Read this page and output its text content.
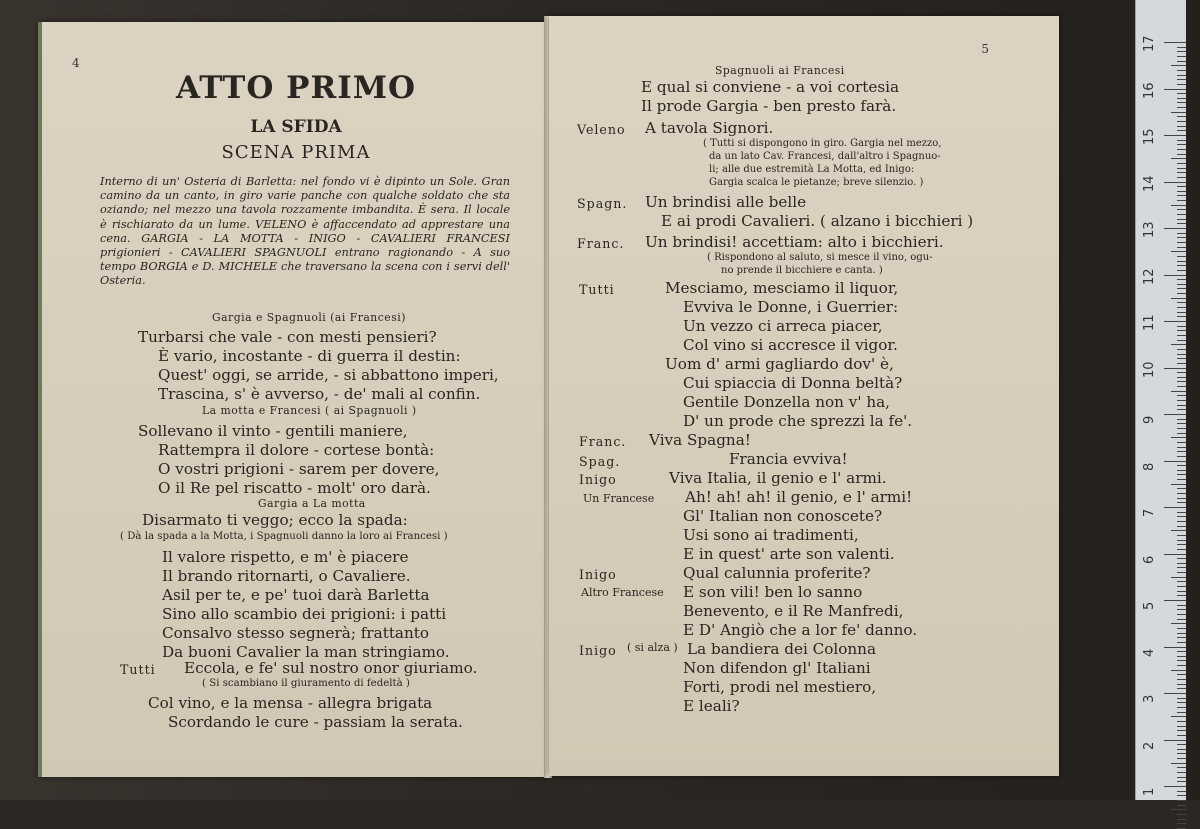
4
ATTO PRIMO
LA SFIDA
SCENA PRIMA
Interno di un' Osteria di Barletta: nel fondo vi è dipinto un Sole. Gran camino da un canto, in giro varie panche con qualche soldato che sta oziando; nel mezzo una tavola rozzamente imbandita. È sera. Il locale è rischiarato da un lume. VELENO è affaccendato ad apprestare una cena. GARGIA - LA MOTTA - INIGO - CAVALIERI FRANCESI prigionieri - CAVALIERI SPAGNUOLI entrano ragionando - A suo tempo BORGIA e D. MICHELE che traversano la scena con i servi dell' Osteria.
Gargia e Spagnuoli (ai Francesi)
Turbarsi che vale - con mesti pensieri?
È vario, incostante - di guerra il destin:
Quest' oggi, se arride, - si abbattono imperi,
Trascina, s' è avverso, - de' mali al confin.
La motta e Francesi ( ai Spagnuoli )
Sollevano il vinto - gentili maniere,
Rattempra il dolore - cortese bontà:
O vostri prigioni - sarem per dovere,
O il Re pel riscatto - molt' oro darà.
Gargia a La motta
Disarmato ti veggo; ecco la spada:
( Dà la spada a la Motta, i Spagnuoli danno la loro ai Francesi )
Il valore rispetto, e m' è piacere
Il brando ritornarti, o Cavaliere.
Asil per te, e pe' tuoi darà Barletta
Sino allo scambio dei prigioni: i patti
Consalvo stesso segnerà; frattanto
Da buoni Cavalier la man stringiamo.
Tutti Eccola, e fe' sul nostro onor giuriamo.
( Si scambiano il giuramento di fedeltà )
Col vino, e la mensa - allegra brigata
Scordando le cure - passiam la serata.
5
Spagnuoli ai Francesi
E qual si conviene - a voi cortesia
Il prode Gargia - ben presto farà.
Veleno A tavola Signori.
( Tutti si dispongono in giro. Gargia nel mezzo,
da un lato Cav. Francesi, dall'altro i Spagnuo-
li; alle due estremità La Motta, ed Inigo:
Gargia scalca le pietanze; breve silenzio. )
Spagn. Un brindisi alle belle
E ai prodi Cavalieri. ( alzano i bicchieri )
Franc. Un brindisi! accettiam: alto i bicchieri.
( Rispondono al saluto, si mesce il vino, ogu-
no prende il bicchiere e canta. )
Tutti	Mesciamo, mesciamo il liquor,
Evviva le Donne, i Guerrier:
Un vezzo ci arreca piacer,
Col vino si accresce il vigor.
Uom d' armi gagliardo dov' è,
Cui spiaccia di Donna beltà?
Gentile Donzella non v' ha,
D' un prode che sprezzi la fe'.
Franc. Viva Spagna!
Spag.	Francia evviva!
Inigo	Viva Italia, il genio e l' armi.
Un Francese Ah! ah! ah! il genio, e l' armi!
Gl' Italian non conoscete?
Usi sono ai tradimenti,
E in quest' arte son valenti.
Inigo	Qual calunnia proferite?
Altro Francese E son vili! ben lo sanno
Benevento, e il Re Manfredi,
E D' Angiò che a lor fe' danno.
Inigo ( si alza ) La bandiera dei Colonna
Non difendon gl' Italiani
Forti, prodi nel mestiero,
E leali?
17
16
15
14
13
12
11
10
9
8
7
6
5
4
3
2
1
